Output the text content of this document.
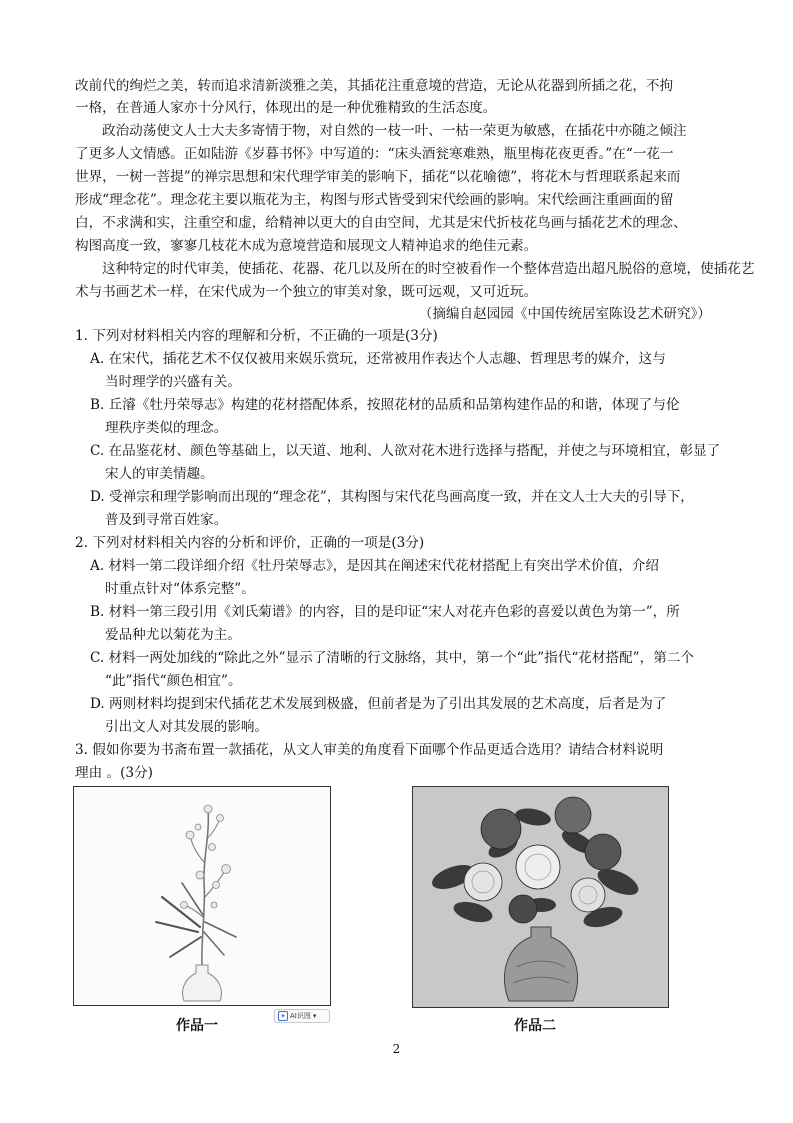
改前代的绚烂之美，转而追求清新淡雅之美，其插花注重意境的营造，无论从花器到所插之花，不拘
一格，在普通人家亦十分风行，体现出的是一种优雅精致的生活态度。
政治动荡使文人士大夫多寄情于物，对自然的一枝一叶、一枯一荣更为敏感，在插花中亦随之倾注
了更多人文情感。正如陆游《岁暮书怀》中写道的：“床头酒瓮寒难熟，瓶里梅花夜更香。”在“一花一
世界，一树一菩提”的禅宗思想和宋代理学审美的影响下，插花“以花喻德”，将花木与哲理联系起来而
形成“理念花”。理念花主要以瓶花为主，构图与形式皆受到宋代绘画的影响。宋代绘画注重画面的留
白，不求满和实，注重空和虚，给精神以更大的自由空间，尤其是宋代折枝花鸟画与插花艺术的理念、
构图高度一致，寥寥几枝花木成为意境营造和展现文人精神追求的绝佳元素。
这种特定的时代审美，使插花、花器、花几以及所在的时空被看作一个整体营造出超凡脱俗的意境，使插花艺
术与书画艺术一样，在宋代成为一个独立的审美对象，既可远观，又可近玩。
（摘编自赵园园《中国传统居室陈设艺术研究》）
1. 下列对材料相关内容的理解和分析，不正确的一项是(3分)
A. 在宋代，插花艺术不仅仅被用来娱乐赏玩，还常被用作表达个人志趣、哲理思考的媒介，这与
当时理学的兴盛有关。
B. 丘濬《牡丹荣辱志》构建的花材搭配体系，按照花材的品质和品第构建作品的和谐，体现了与伦
理秩序类似的理念。
C. 在品鉴花材、颜色等基础上，以天道、地利、人欲对花木进行选择与搭配，并使之与环境相宜，彰显了
宋人的审美情趣。
D. 受禅宗和理学影响而出现的“理念花”，其构图与宋代花鸟画高度一致，并在文人士大夫的引导下，
普及到寻常百姓家。
2. 下列对材料相关内容的分析和评价，正确的一项是(3分)
A. 材料一第二段详细介绍《牡丹荣辱志》，是因其在阐述宋代花材搭配上有突出学术价值，介绍
时重点针对“体系完整”。
B. 材料一第三段引用《刘氏菊谱》的内容，目的是印证“宋人对花卉色彩的喜爱以黄色为第一”，所
爱品种尤以菊花为主。
C. 材料一两处加线的“除此之外”显示了清晰的行文脉络，其中，第一个“此”指代“花材搭配”，第二个
“此”指代“颜色相宜”。
D. 两则材料均提到宋代插花艺术发展到极盛，但前者是为了引出其发展的艺术高度，后者是为了
引出文人对其发展的影响。
3. 假如你要为书斋布置一款插花，从文人审美的角度看下面哪个作品更适合选用？请结合材料说明
理由 。(3分)
作品一
◈ AI识图 ▾
作品二
2
